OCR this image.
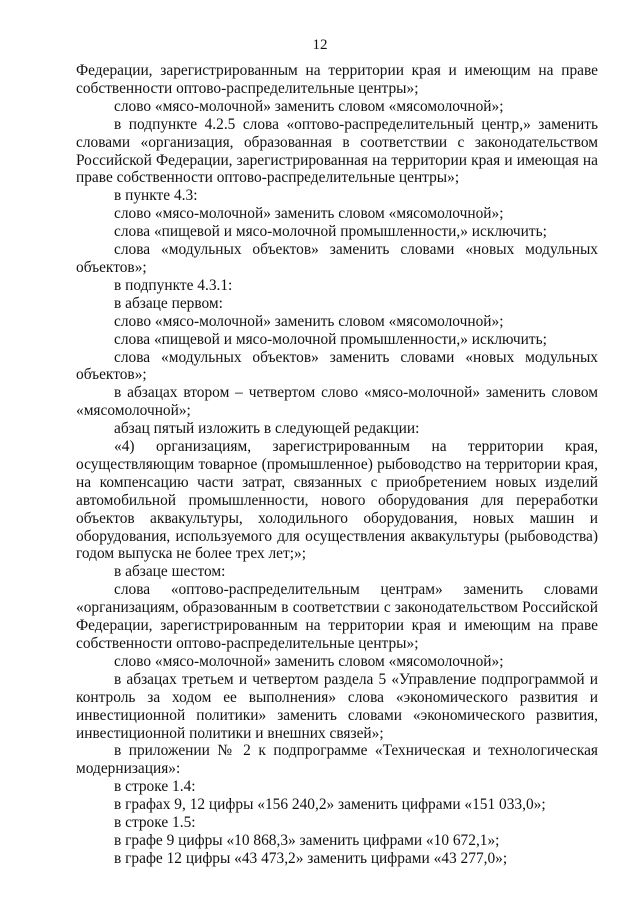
12

Федерации, зарегистрированным на территории края и имеющим на праве собственности оптово-распределительные центры»;

слово «мясо-молочной» заменить словом «мясомолочной»;

в подпункте 4.2.5 слова «оптово-распределительный центр,» заменить словами «организация, образованная в соответствии с законодательством Российской Федерации, зарегистрированная на территории края и имеющая на праве собственности оптово-распределительные центры»;

в пункте 4.3:

слово «мясо-молочной» заменить словом «мясомолочной»;

слова «пищевой и мясо-молочной промышленности,» исключить;

слова «модульных объектов» заменить словами «новых модульных объектов»;

в подпункте 4.3.1:

в абзаце первом:

слово «мясо-молочной» заменить словом «мясомолочной»;

слова «пищевой и мясо-молочной промышленности,» исключить;

слова «модульных объектов» заменить словами «новых модульных объектов»;

в абзацах втором – четвертом слово «мясо-молочной» заменить словом «мясомолочной»;

абзац пятый изложить в следующей редакции:

«4) организациям, зарегистрированным на территории края, осуществляющим товарное (промышленное) рыбоводство на территории края, на компенсацию части затрат, связанных с приобретением новых изделий автомобильной промышленности, нового оборудования для переработки объектов аквакультуры, холодильного оборудования, новых машин и оборудования, используемого для осуществления аквакультуры (рыбоводства) годом выпуска не более трех лет;»;

в абзаце шестом:

слова «оптово-распределительным центрам» заменить словами «организациям, образованным в соответствии с законодательством Российской Федерации, зарегистрированным на территории края и имеющим на праве собственности оптово-распределительные центры»;

слово «мясо-молочной» заменить словом «мясомолочной»;

в абзацах третьем и четвертом раздела 5 «Управление подпрограммой и контроль за ходом ее выполнения» слова «экономического развития и инвестиционной политики» заменить словами «экономического развития, инвестиционной политики и внешних связей»;

в приложении № 2 к подпрограмме «Техническая и технологическая модернизация»:

в строке 1.4:

в графах 9, 12 цифры «156 240,2» заменить цифрами «151 033,0»;

в строке 1.5:

в графе 9 цифры «10 868,3» заменить цифрами «10 672,1»;

в графе 12 цифры «43 473,2» заменить цифрами «43 277,0»;
